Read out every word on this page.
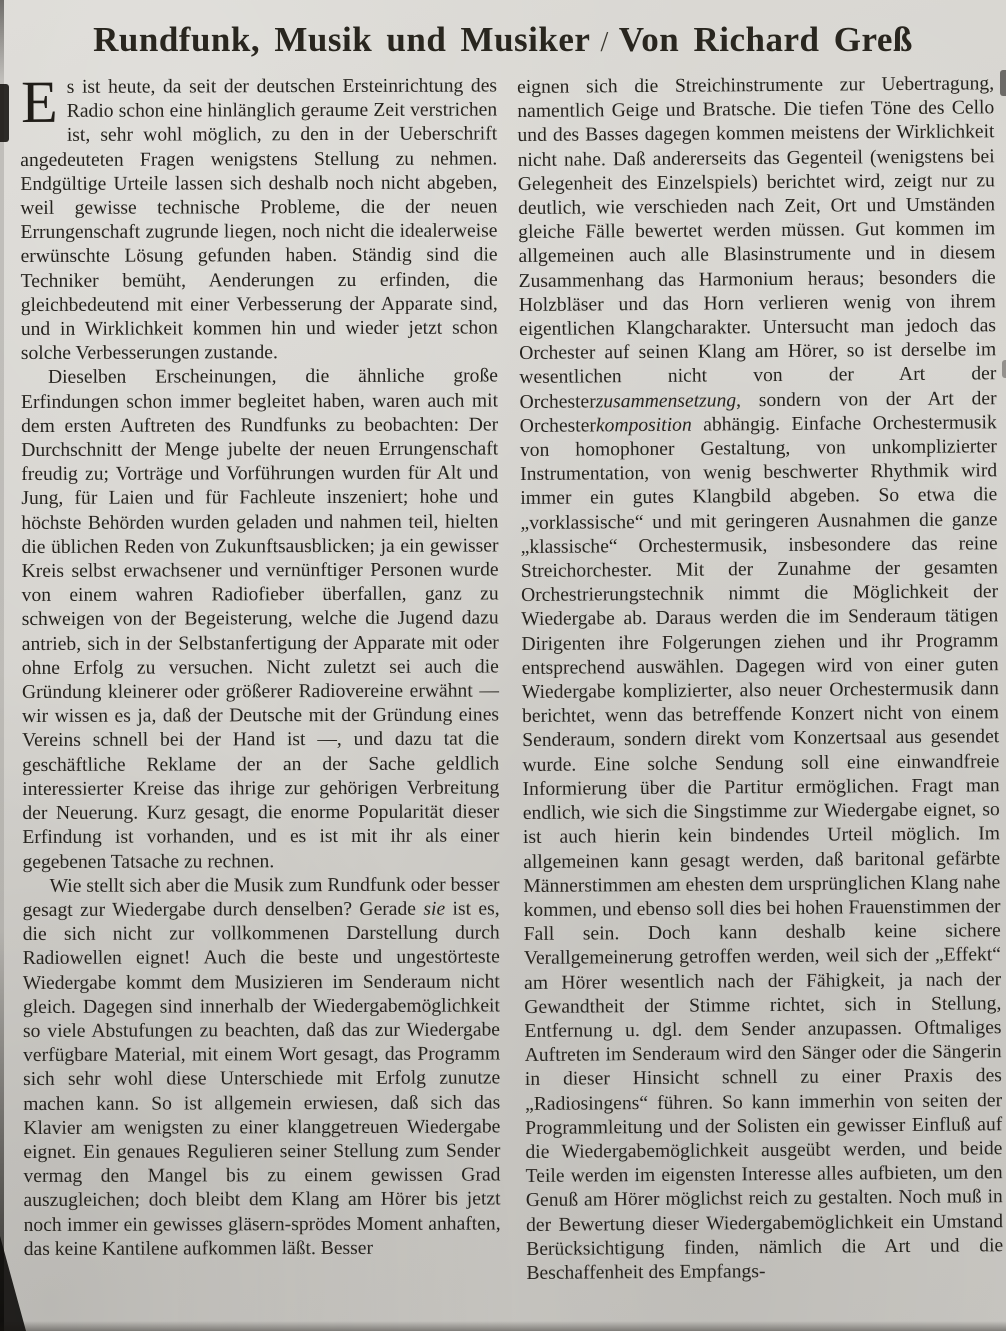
Rundfunk, Musik und Musiker / Von Richard Greß

Es ist heute, da seit der deutschen Ersteinrichtung des Radio schon eine hinlänglich geraume Zeit verstrichen ist, sehr wohl möglich, zu den in der Ueberschrift angedeuteten Fragen wenigstens Stellung zu nehmen. Endgültige Urteile lassen sich deshalb noch nicht abgeben, weil gewisse technische Probleme, die der neuen Errungenschaft zugrunde liegen, noch nicht die idealerweise erwünschte Lösung gefunden haben. Ständig sind die Techniker bemüht, Aenderungen zu erfinden, die gleichbedeutend mit einer Verbesserung der Apparate sind, und in Wirklichkeit kommen hin und wieder jetzt schon solche Verbesserungen zustande.

Dieselben Erscheinungen, die ähnliche große Erfindungen schon immer begleitet haben, waren auch mit dem ersten Auftreten des Rundfunks zu beobachten: Der Durchschnitt der Menge jubelte der neuen Errungenschaft freudig zu; Vorträge und Vorführungen wurden für Alt und Jung, für Laien und für Fachleute inszeniert; hohe und höchste Behörden wurden geladen und nahmen teil, hielten die üblichen Reden von Zukunftsausblicken; ja ein gewisser Kreis selbst erwachsener und vernünftiger Personen wurde von einem wahren Radiofieber überfallen, ganz zu schweigen von der Begeisterung, welche die Jugend dazu antrieb, sich in der Selbstanfertigung der Apparate mit oder ohne Erfolg zu versuchen. Nicht zuletzt sei auch die Gründung kleinerer oder größerer Radiovereine erwähnt — wir wissen es ja, daß der Deutsche mit der Gründung eines Vereins schnell bei der Hand ist —, und dazu tat die geschäftliche Reklame der an der Sache geldlich interessierter Kreise das ihrige zur gehörigen Verbreitung der Neuerung. Kurz gesagt, die enorme Popularität dieser Erfindung ist vorhanden, und es ist mit ihr als einer gegebenen Tatsache zu rechnen.

Wie stellt sich aber die Musik zum Rundfunk oder besser gesagt zur Wiedergabe durch denselben? Gerade sie ist es, die sich nicht zur vollkommenen Darstellung durch Radiowellen eignet! Auch die beste und ungestörteste Wiedergabe kommt dem Musizieren im Senderaum nicht gleich. Dagegen sind innerhalb der Wiedergabemöglichkeit so viele Abstufungen zu beachten, daß das zur Wiedergabe verfügbare Material, mit einem Wort gesagt, das Programm sich sehr wohl diese Unterschiede mit Erfolg zunutze machen kann. So ist allgemein erwiesen, daß sich das Klavier am wenigsten zu einer klanggetreuen Wiedergabe eignet. Ein genaues Regulieren seiner Stellung zum Sender vermag den Mangel bis zu einem gewissen Grad auszugleichen; doch bleibt dem Klang am Hörer bis jetzt noch immer ein gewisses gläsern-sprödes Moment anhaften, das keine Kantilene aufkommen läßt. Besser

eignen sich die Streichinstrumente zur Uebertragung, namentlich Geige und Bratsche. Die tiefen Töne des Cello und des Basses dagegen kommen meistens der Wirklichkeit nicht nahe. Daß andererseits das Gegenteil (wenigstens bei Gelegenheit des Einzelspiels) berichtet wird, zeigt nur zu deutlich, wie verschieden nach Zeit, Ort und Umständen gleiche Fälle bewertet werden müssen. Gut kommen im allgemeinen auch alle Blasinstrumente und in diesem Zusammenhang das Harmonium heraus; besonders die Holzbläser und das Horn verlieren wenig von ihrem eigentlichen Klangcharakter. Untersucht man jedoch das Orchester auf seinen Klang am Hörer, so ist derselbe im wesentlichen nicht von der Art der Orchesterzusammensetzung, sondern von der Art der Orchesterkomposition abhängig. Einfache Orchestermusik von homophoner Gestaltung, von unkomplizierter Instrumentation, von wenig beschwerter Rhythmik wird immer ein gutes Klangbild abgeben. So etwa die „vorklassische“ und mit geringeren Ausnahmen die ganze „klassische“ Orchestermusik, insbesondere das reine Streichorchester. Mit der Zunahme der gesamten Orchestrierungstechnik nimmt die Möglichkeit der Wiedergabe ab. Daraus werden die im Senderaum tätigen Dirigenten ihre Folgerungen ziehen und ihr Programm entsprechend auswählen. Dagegen wird von einer guten Wiedergabe komplizierter, also neuer Orchestermusik dann berichtet, wenn das betreffende Konzert nicht von einem Senderaum, sondern direkt vom Konzertsaal aus gesendet wurde. Eine solche Sendung soll eine einwandfreie Informierung über die Partitur ermöglichen. Fragt man endlich, wie sich die Singstimme zur Wiedergabe eignet, so ist auch hierin kein bindendes Urteil möglich. Im allgemeinen kann gesagt werden, daß baritonal gefärbte Männerstimmen am ehesten dem ursprünglichen Klang nahe kommen, und ebenso soll dies bei hohen Frauenstimmen der Fall sein. Doch kann deshalb keine sichere Verallgemeinerung getroffen werden, weil sich der „Effekt“ am Hörer wesentlich nach der Fähigkeit, ja nach der Gewandtheit der Stimme richtet, sich in Stellung, Entfernung u. dgl. dem Sender anzupassen. Oftmaliges Auftreten im Senderaum wird den Sänger oder die Sängerin in dieser Hinsicht schnell zu einer Praxis des „Radiosingens“ führen. So kann immerhin von seiten der Programmleitung und der Solisten ein gewisser Einfluß auf die Wiedergabemöglichkeit ausgeübt werden, und beide Teile werden im eigensten Interesse alles aufbieten, um den Genuß am Hörer möglichst reich zu gestalten. Noch muß in der Bewertung dieser Wiedergabemöglichkeit ein Umstand Berücksichtigung finden, nämlich die Art und die Beschaffenheit des Empfangs-
